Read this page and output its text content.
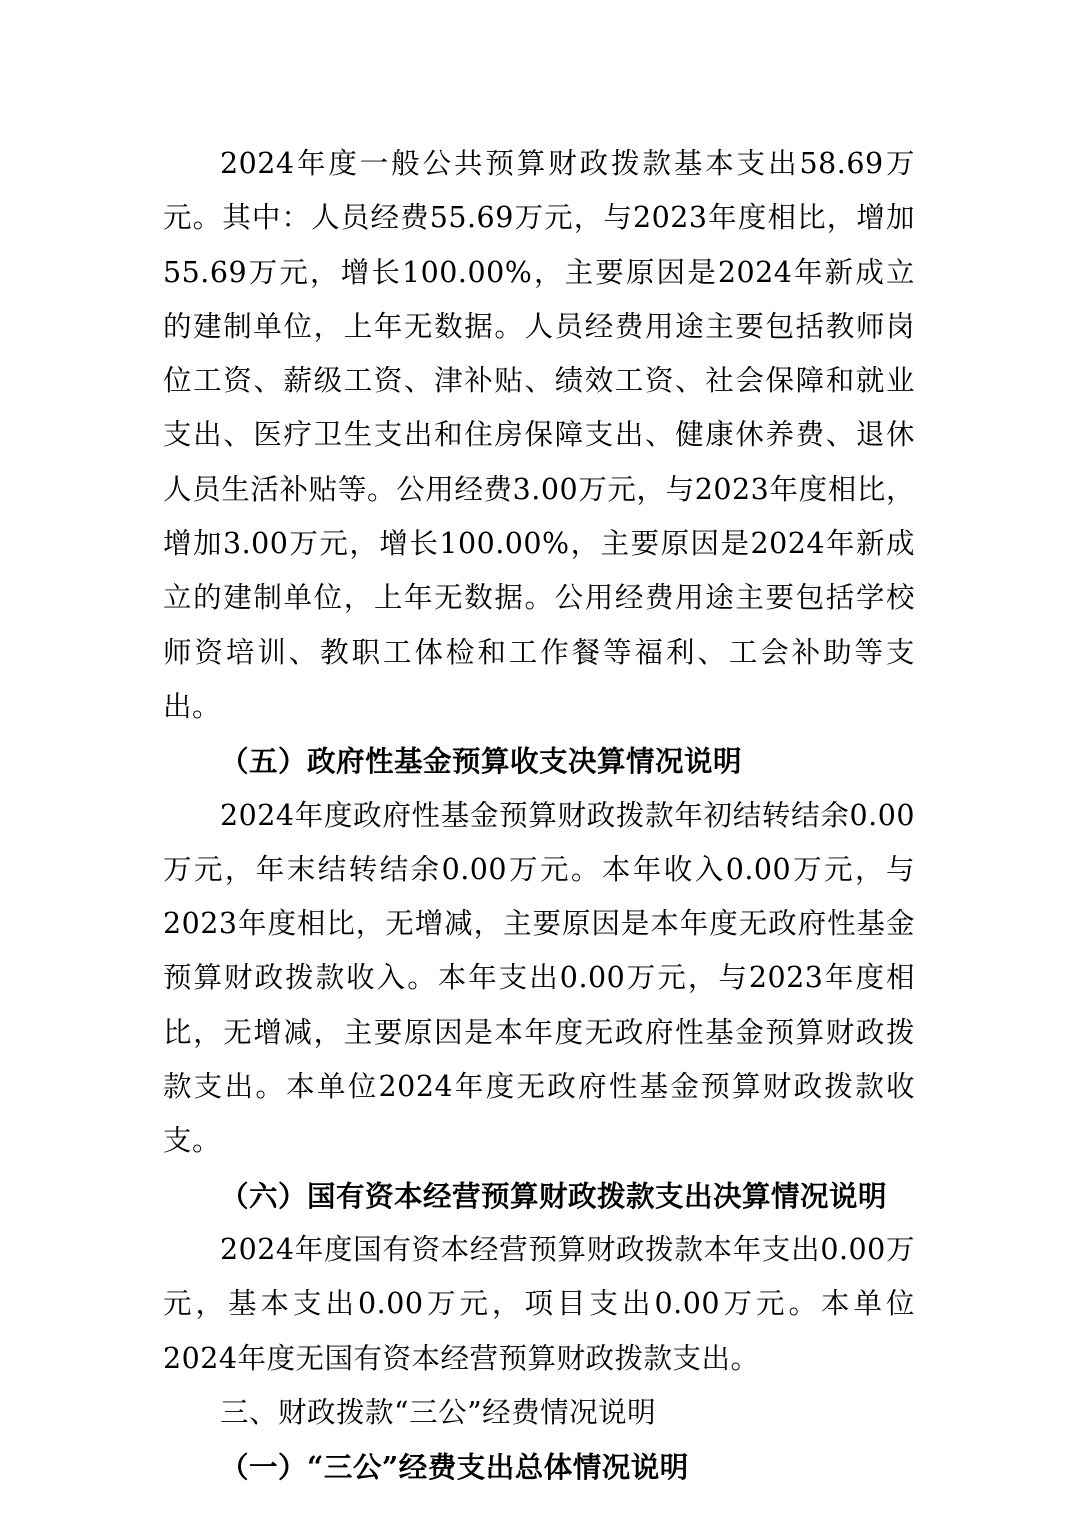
2024年度一般公共预算财政拨款基本支出58.69万元。其中：人员经费55.69万元，与2023年度相比，增加55.69万元，增长100.00%，主要原因是2024年新成立的建制单位，上年无数据。人员经费用途主要包括教师岗位工资、薪级工资、津补贴、绩效工资、社会保障和就业支出、医疗卫生支出和住房保障支出、健康休养费、退休人员生活补贴等。公用经费3.00万元，与2023年度相比，增加3.00万元，增长100.00%，主要原因是2024年新成立的建制单位，上年无数据。公用经费用途主要包括学校师资培训、教职工体检和工作餐等福利、工会补助等支出。

（五）政府性基金预算收支决算情况说明

2024年度政府性基金预算财政拨款年初结转结余0.00万元，年末结转结余0.00万元。本年收入0.00万元，与2023年度相比，无增减，主要原因是本年度无政府性基金预算财政拨款收入。本年支出0.00万元，与2023年度相比，无增减，主要原因是本年度无政府性基金预算财政拨款支出。本单位2024年度无政府性基金预算财政拨款收支。

（六）国有资本经营预算财政拨款支出决算情况说明

2024年度国有资本经营预算财政拨款本年支出0.00万元，基本支出0.00万元，项目支出0.00万元。本单位2024年度无国有资本经营预算财政拨款支出。

三、财政拨款“三公”经费情况说明

（一）“三公”经费支出总体情况说明
